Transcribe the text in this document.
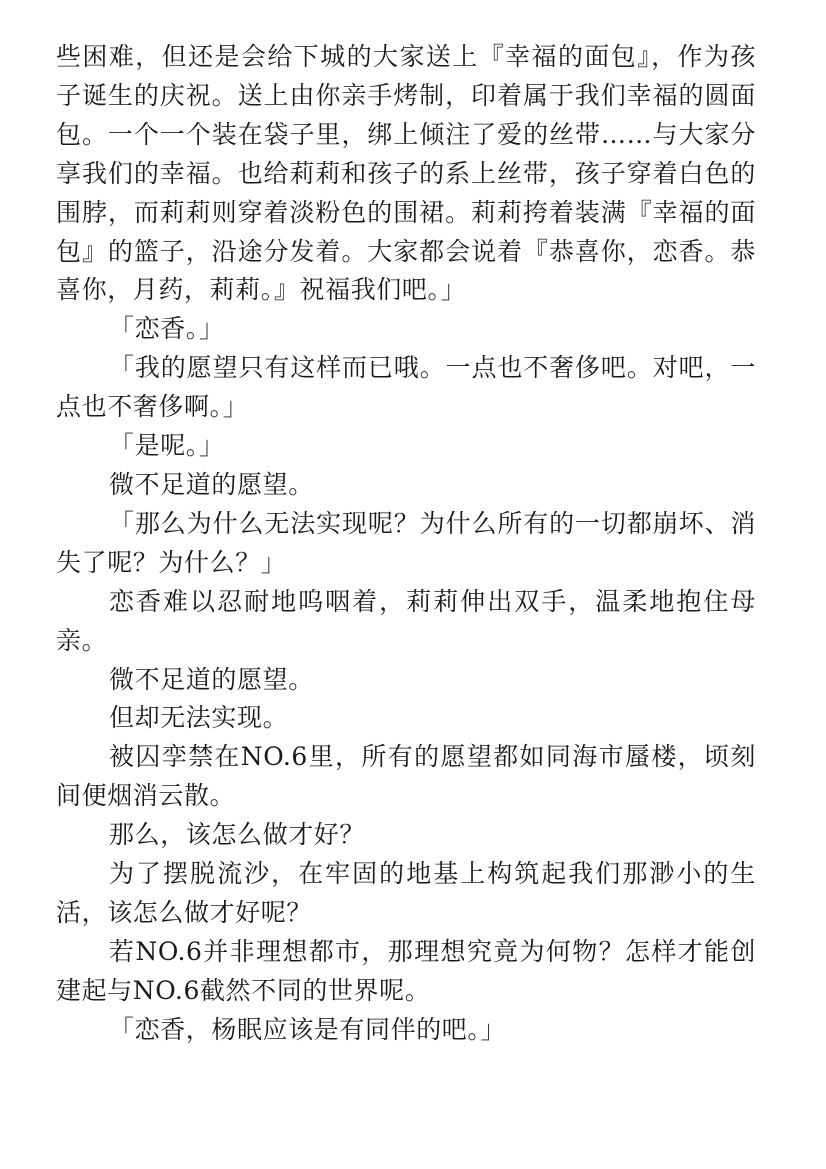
些困难，但还是会给下城的大家送上『幸福的面包』，作为孩子诞生的庆祝。送上由你亲手烤制，印着属于我们幸福的圆面包。一个一个装在袋子里，绑上倾注了爱的丝带……与大家分享我们的幸福。也给莉莉和孩子的系上丝带，孩子穿着白色的围脖，而莉莉则穿着淡粉色的围裙。莉莉挎着装满『幸福的面包』的篮子，沿途分发着。大家都会说着『恭喜你，恋香。恭喜你，月药，莉莉。』祝福我们吧。」

「恋香。」

「我的愿望只有这样而已哦。一点也不奢侈吧。对吧，一点也不奢侈啊。」

「是呢。」

微不足道的愿望。

「那么为什么无法实现呢？为什么所有的一切都崩坏、消失了呢？为什么？」

恋香难以忍耐地呜咽着，莉莉伸出双手，温柔地抱住母亲。

微不足道的愿望。

但却无法实现。

被囚孪禁在NO.6里，所有的愿望都如同海市蜃楼，顷刻间便烟消云散。

那么，该怎么做才好？

为了摆脱流沙，在牢固的地基上构筑起我们那渺小的生活，该怎么做才好呢？

若NO.6并非理想都市，那理想究竟为何物？怎样才能创建起与NO.6截然不同的世界呢。

「恋香，杨眠应该是有同伴的吧。」
